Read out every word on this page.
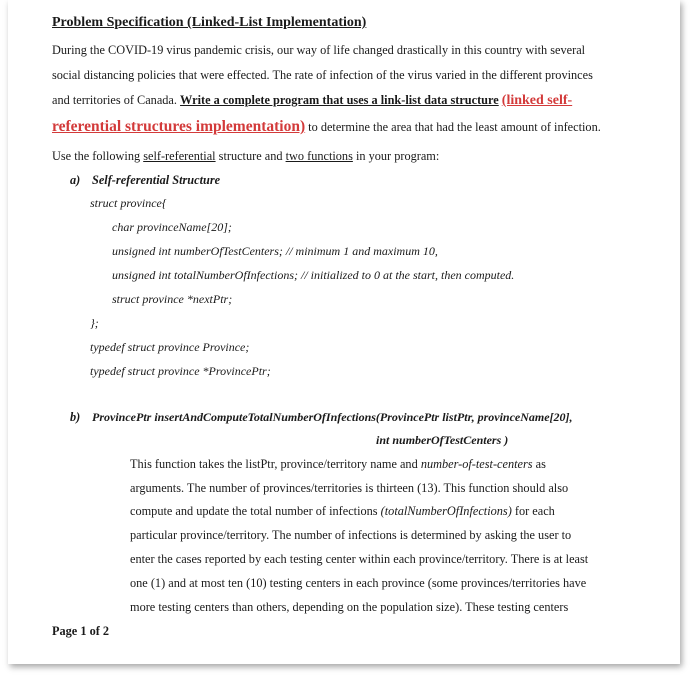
Problem Specification (Linked-List Implementation)
During the COVID-19 virus pandemic crisis, our way of life changed drastically in this country with several
social distancing policies that were effected. The rate of infection of the virus varied in the different provinces
and territories of Canada. Write a complete program that uses a link-list data structure (linked self-
referential structures implementation) to determine the area that had the least amount of infection.
Use the following self-referential structure and two functions in your program:
a) Self-referential Structure
struct province{
char provinceName[20];
unsigned int numberOfTestCenters; // minimum 1 and maximum 10,
unsigned int totalNumberOfInfections; // initialized to 0 at the start, then computed.
struct province *nextPtr;
};
typedef struct province Province;
typedef struct province *ProvincePtr;
b) ProvincePtr insertAndComputeTotalNumberOfInfections(ProvincePtr listPtr, provinceName[20],
int numberOfTestCenters )
This function takes the listPtr, province/territory name and number-of-test-centers as
arguments. The number of provinces/territories is thirteen (13). This function should also
compute and update the total number of infections (totalNumberOfInfections) for each
particular province/territory. The number of infections is determined by asking the user to
enter the cases reported by each testing center within each province/territory. There is at least
one (1) and at most ten (10) testing centers in each province (some provinces/territories have
more testing centers than others, depending on the population size). These testing centers
Page 1 of 2
